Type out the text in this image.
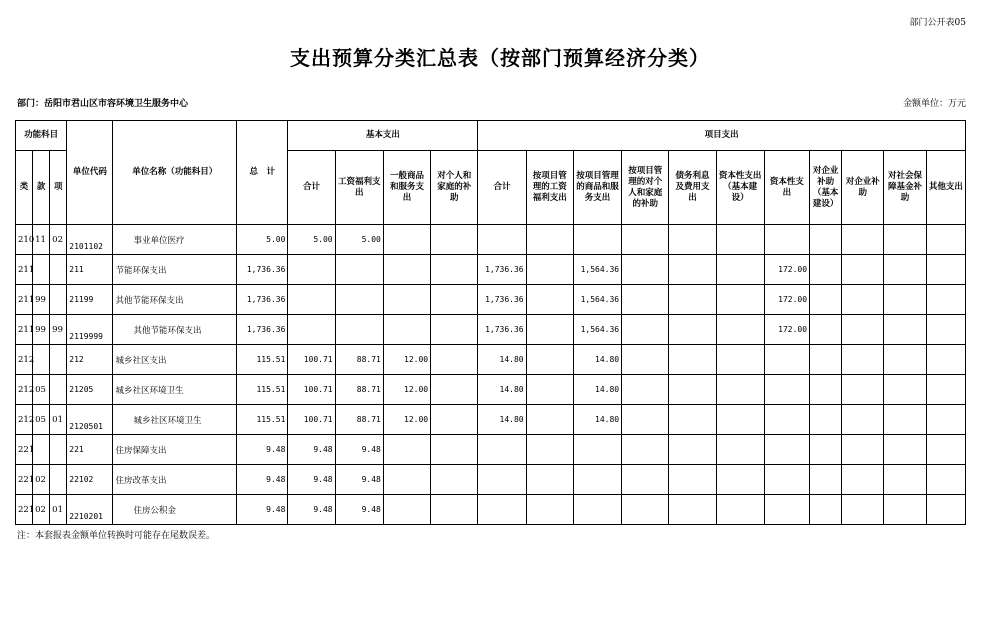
部门公开表05
支出预算分类汇总表（按部门预算经济分类）
部门：岳阳市君山区市容环境卫生服务中心	金额单位：万元
功能科目			单位代码	单位名称（功能科目）	总　计	基本支出				项目支出										
类	款	项				合计	工资福利支出	一般商品和服务支出	对个人和家庭的补助	合计	按项目管理的工资福利支出	按项目管理的商品和服务支出	按项目管理的对个人和家庭的补助	债务利息及费用支出	资本性支出（基本建设）	资本性支出	对企业补助（基本建设）	对企业补助	对社会保障基金补助	其他支出
210	11	02	2101102	事业单位医疗	5.00	5.00	5.00													
211			211	节能环保支出	1,736.36					1,736.36		1,564.36				172.00				
211	99		21199	其他节能环保支出	1,736.36					1,736.36		1,564.36				172.00				
211	99	99	2119999	其他节能环保支出	1,736.36					1,736.36		1,564.36				172.00				
212			212	城乡社区支出	115.51	100.71	88.71	12.00		14.80		14.80								
212	05		21205	城乡社区环境卫生	115.51	100.71	88.71	12.00		14.80		14.80								
212	05	01	2120501	城乡社区环境卫生	115.51	100.71	88.71	12.00		14.80		14.80								
221			221	住房保障支出	9.48	9.48	9.48													
221	02		22102	住房改革支出	9.48	9.48	9.48													
221	02	01	2210201	住房公积金	9.48	9.48	9.48													
注：本套报表金额单位转换时可能存在尾数误差。
